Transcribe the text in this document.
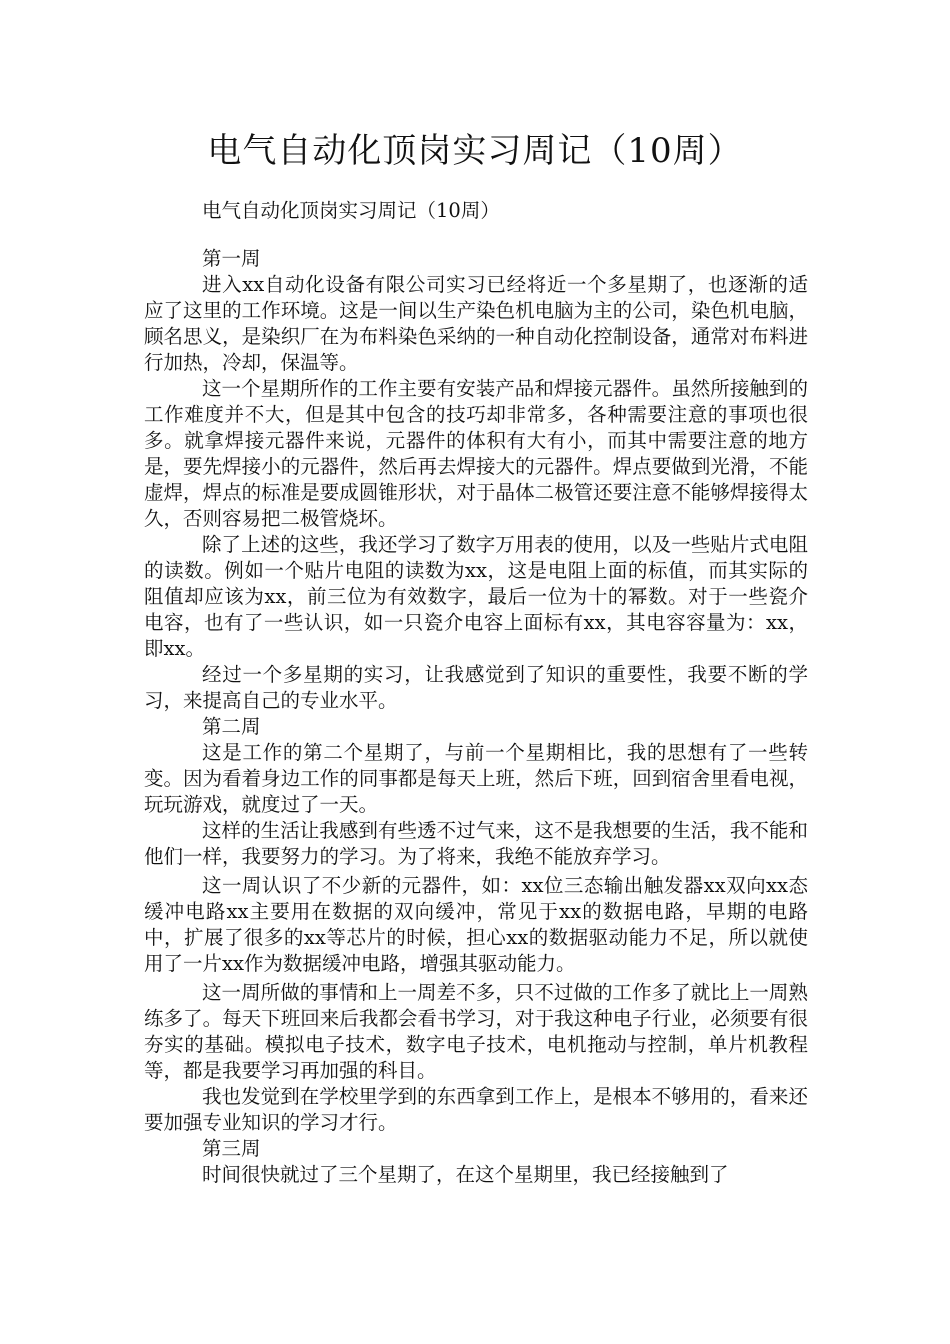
电气自动化顶岗实习周记（10周）

电气自动化顶岗实习周记（10周）

第一周

进入xx自动化设备有限公司实习已经将近一个多星期了，也逐渐的适应了这里的工作环境。这是一间以生产染色机电脑为主的公司，染色机电脑，顾名思义，是染织厂在为布料染色采纳的一种自动化控制设备，通常对布料进行加热，冷却，保温等。

这一个星期所作的工作主要有安装产品和焊接元器件。虽然所接触到的工作难度并不大，但是其中包含的技巧却非常多，各种需要注意的事项也很多。就拿焊接元器件来说，元器件的体积有大有小，而其中需要注意的地方是，要先焊接小的元器件，然后再去焊接大的元器件。焊点要做到光滑，不能虚焊，焊点的标准是要成圆锥形状，对于晶体二极管还要注意不能够焊接得太久，否则容易把二极管烧坏。

除了上述的这些，我还学习了数字万用表的使用，以及一些贴片式电阻的读数。例如一个贴片电阻的读数为xx，这是电阻上面的标值，而其实际的阻值却应该为xx，前三位为有效数字，最后一位为十的幂数。对于一些瓷介电容，也有了一些认识，如一只瓷介电容上面标有xx，其电容容量为：xx，即xx。

经过一个多星期的实习，让我感觉到了知识的重要性，我要不断的学习，来提高自己的专业水平。

第二周

这是工作的第二个星期了，与前一个星期相比，我的思想有了一些转变。因为看着身边工作的同事都是每天上班，然后下班，回到宿舍里看电视，玩玩游戏，就度过了一天。

这样的生活让我感到有些透不过气来，这不是我想要的生活，我不能和他们一样，我要努力的学习。为了将来，我绝不能放弃学习。

这一周认识了不少新的元器件，如：xx位三态输出触发器xx双向xx态缓冲电路xx主要用在数据的双向缓冲，常见于xx的数据电路，早期的电路中，扩展了很多的xx等芯片的时候，担心xx的数据驱动能力不足，所以就使用了一片xx作为数据缓冲电路，增强其驱动能力。

这一周所做的事情和上一周差不多，只不过做的工作多了就比上一周熟练多了。每天下班回来后我都会看书学习，对于我这种电子行业，必须要有很夯实的基础。模拟电子技术，数字电子技术，电机拖动与控制，单片机教程等，都是我要学习再加强的科目。

我也发觉到在学校里学到的东西拿到工作上，是根本不够用的，看来还要加强专业知识的学习才行。

第三周

时间很快就过了三个星期了，在这个星期里，我已经接触到了
